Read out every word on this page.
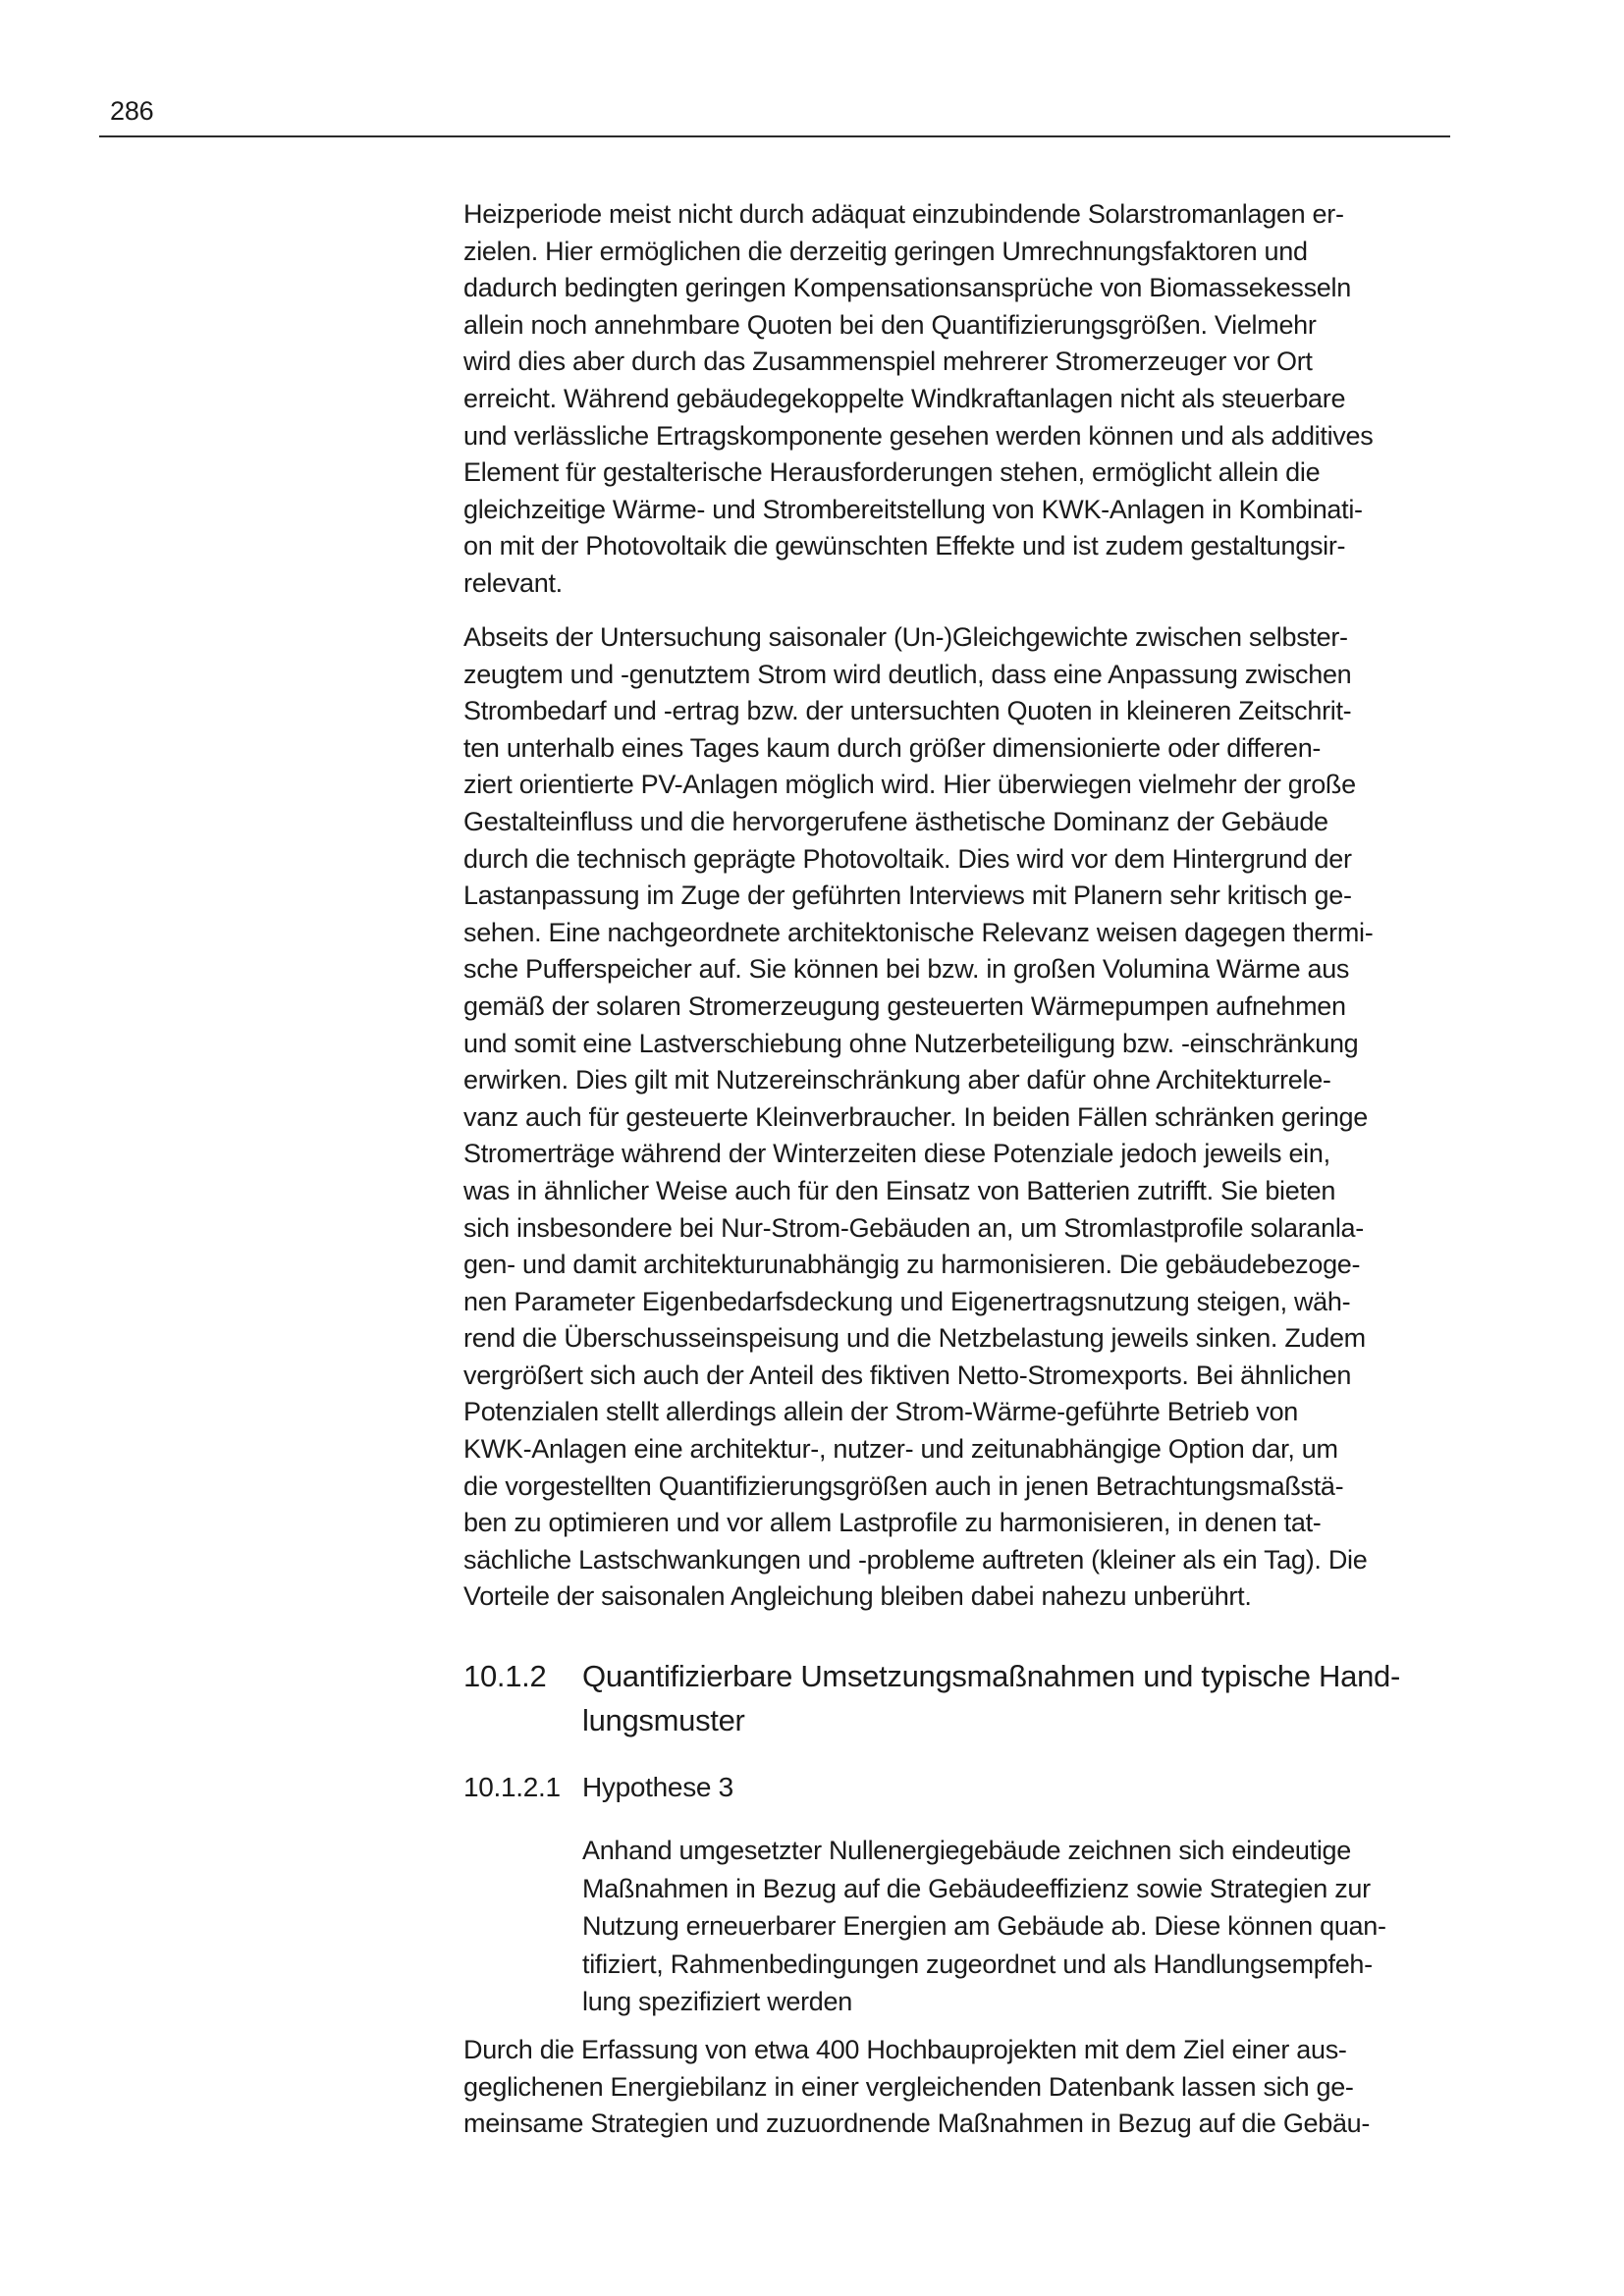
286
Heizperiode meist nicht durch adäquat einzubindende Solarstromanlagen er-
zielen. Hier ermöglichen die derzeitig geringen Umrechnungsfaktoren und
dadurch bedingten geringen Kompensationsansprüche von Biomassekesseln
allein noch annehmbare Quoten bei den Quantifizierungsgrößen. Vielmehr
wird dies aber durch das Zusammenspiel mehrerer Stromerzeuger vor Ort
erreicht. Während gebäudegekoppelte Windkraftanlagen nicht als steuerbare
und verlässliche Ertragskomponente gesehen werden können und als additives
Element für gestalterische Herausforderungen stehen, ermöglicht allein die
gleichzeitige Wärme- und Strombereitstellung von KWK-Anlagen in Kombinati-
on mit der Photovoltaik die gewünschten Effekte und ist zudem gestaltungsir-
relevant.
Abseits der Untersuchung saisonaler (Un-)Gleichgewichte zwischen selbster-
zeugtem und -genutztem Strom wird deutlich, dass eine Anpassung zwischen
Strombedarf und -ertrag bzw. der untersuchten Quoten in kleineren Zeitschrit-
ten unterhalb eines Tages kaum durch größer dimensionierte oder differen-
ziert orientierte PV-Anlagen möglich wird. Hier überwiegen vielmehr der große
Gestalteinfluss und die hervorgerufene ästhetische Dominanz der Gebäude
durch die technisch geprägte Photovoltaik. Dies wird vor dem Hintergrund der
Lastanpassung im Zuge der geführten Interviews mit Planern sehr kritisch ge-
sehen. Eine nachgeordnete architektonische Relevanz weisen dagegen thermi-
sche Pufferspeicher auf. Sie können bei bzw. in großen Volumina Wärme aus
gemäß der solaren Stromerzeugung gesteuerten Wärmepumpen aufnehmen
und somit eine Lastverschiebung ohne Nutzerbeteiligung bzw. -einschränkung
erwirken. Dies gilt mit Nutzereinschränkung aber dafür ohne Architekturrele-
vanz auch für gesteuerte Kleinverbraucher. In beiden Fällen schränken geringe
Stromerträge während der Winterzeiten diese Potenziale jedoch jeweils ein,
was in ähnlicher Weise auch für den Einsatz von Batterien zutrifft. Sie bieten
sich insbesondere bei Nur-Strom-Gebäuden an, um Stromlastprofile solaranla-
gen- und damit architekturunabhängig zu harmonisieren. Die gebäudebezoge-
nen Parameter Eigenbedarfsdeckung und Eigenertragsnutzung steigen, wäh-
rend die Überschusseinspeisung und die Netzbelastung jeweils sinken. Zudem
vergrößert sich auch der Anteil des fiktiven Netto-Stromexports. Bei ähnlichen
Potenzialen stellt allerdings allein der Strom-Wärme-geführte Betrieb von
KWK-Anlagen eine architektur-, nutzer- und zeitunabhängige Option dar, um
die vorgestellten Quantifizierungsgrößen auch in jenen Betrachtungsmaßstä-
ben zu optimieren und vor allem Lastprofile zu harmonisieren, in denen tat-
sächliche Lastschwankungen und -probleme auftreten (kleiner als ein Tag). Die
Vorteile der saisonalen Angleichung bleiben dabei nahezu unberührt.
10.1.2	Quantifizierbare Umsetzungsmaßnahmen und typische Hand-
lungsmuster
10.1.2.1 Hypothese 3
Anhand umgesetzter Nullenergiegebäude zeichnen sich eindeutige
Maßnahmen in Bezug auf die Gebäudeeffizienz sowie Strategien zur
Nutzung erneuerbarer Energien am Gebäude ab. Diese können quan-
tifiziert, Rahmenbedingungen zugeordnet und als Handlungsempfeh-
lung spezifiziert werden
Durch die Erfassung von etwa 400 Hochbauprojekten mit dem Ziel einer aus-
geglichenen Energiebilanz in einer vergleichenden Datenbank lassen sich ge-
meinsame Strategien und zuzuordnende Maßnahmen in Bezug auf die Gebäu-
